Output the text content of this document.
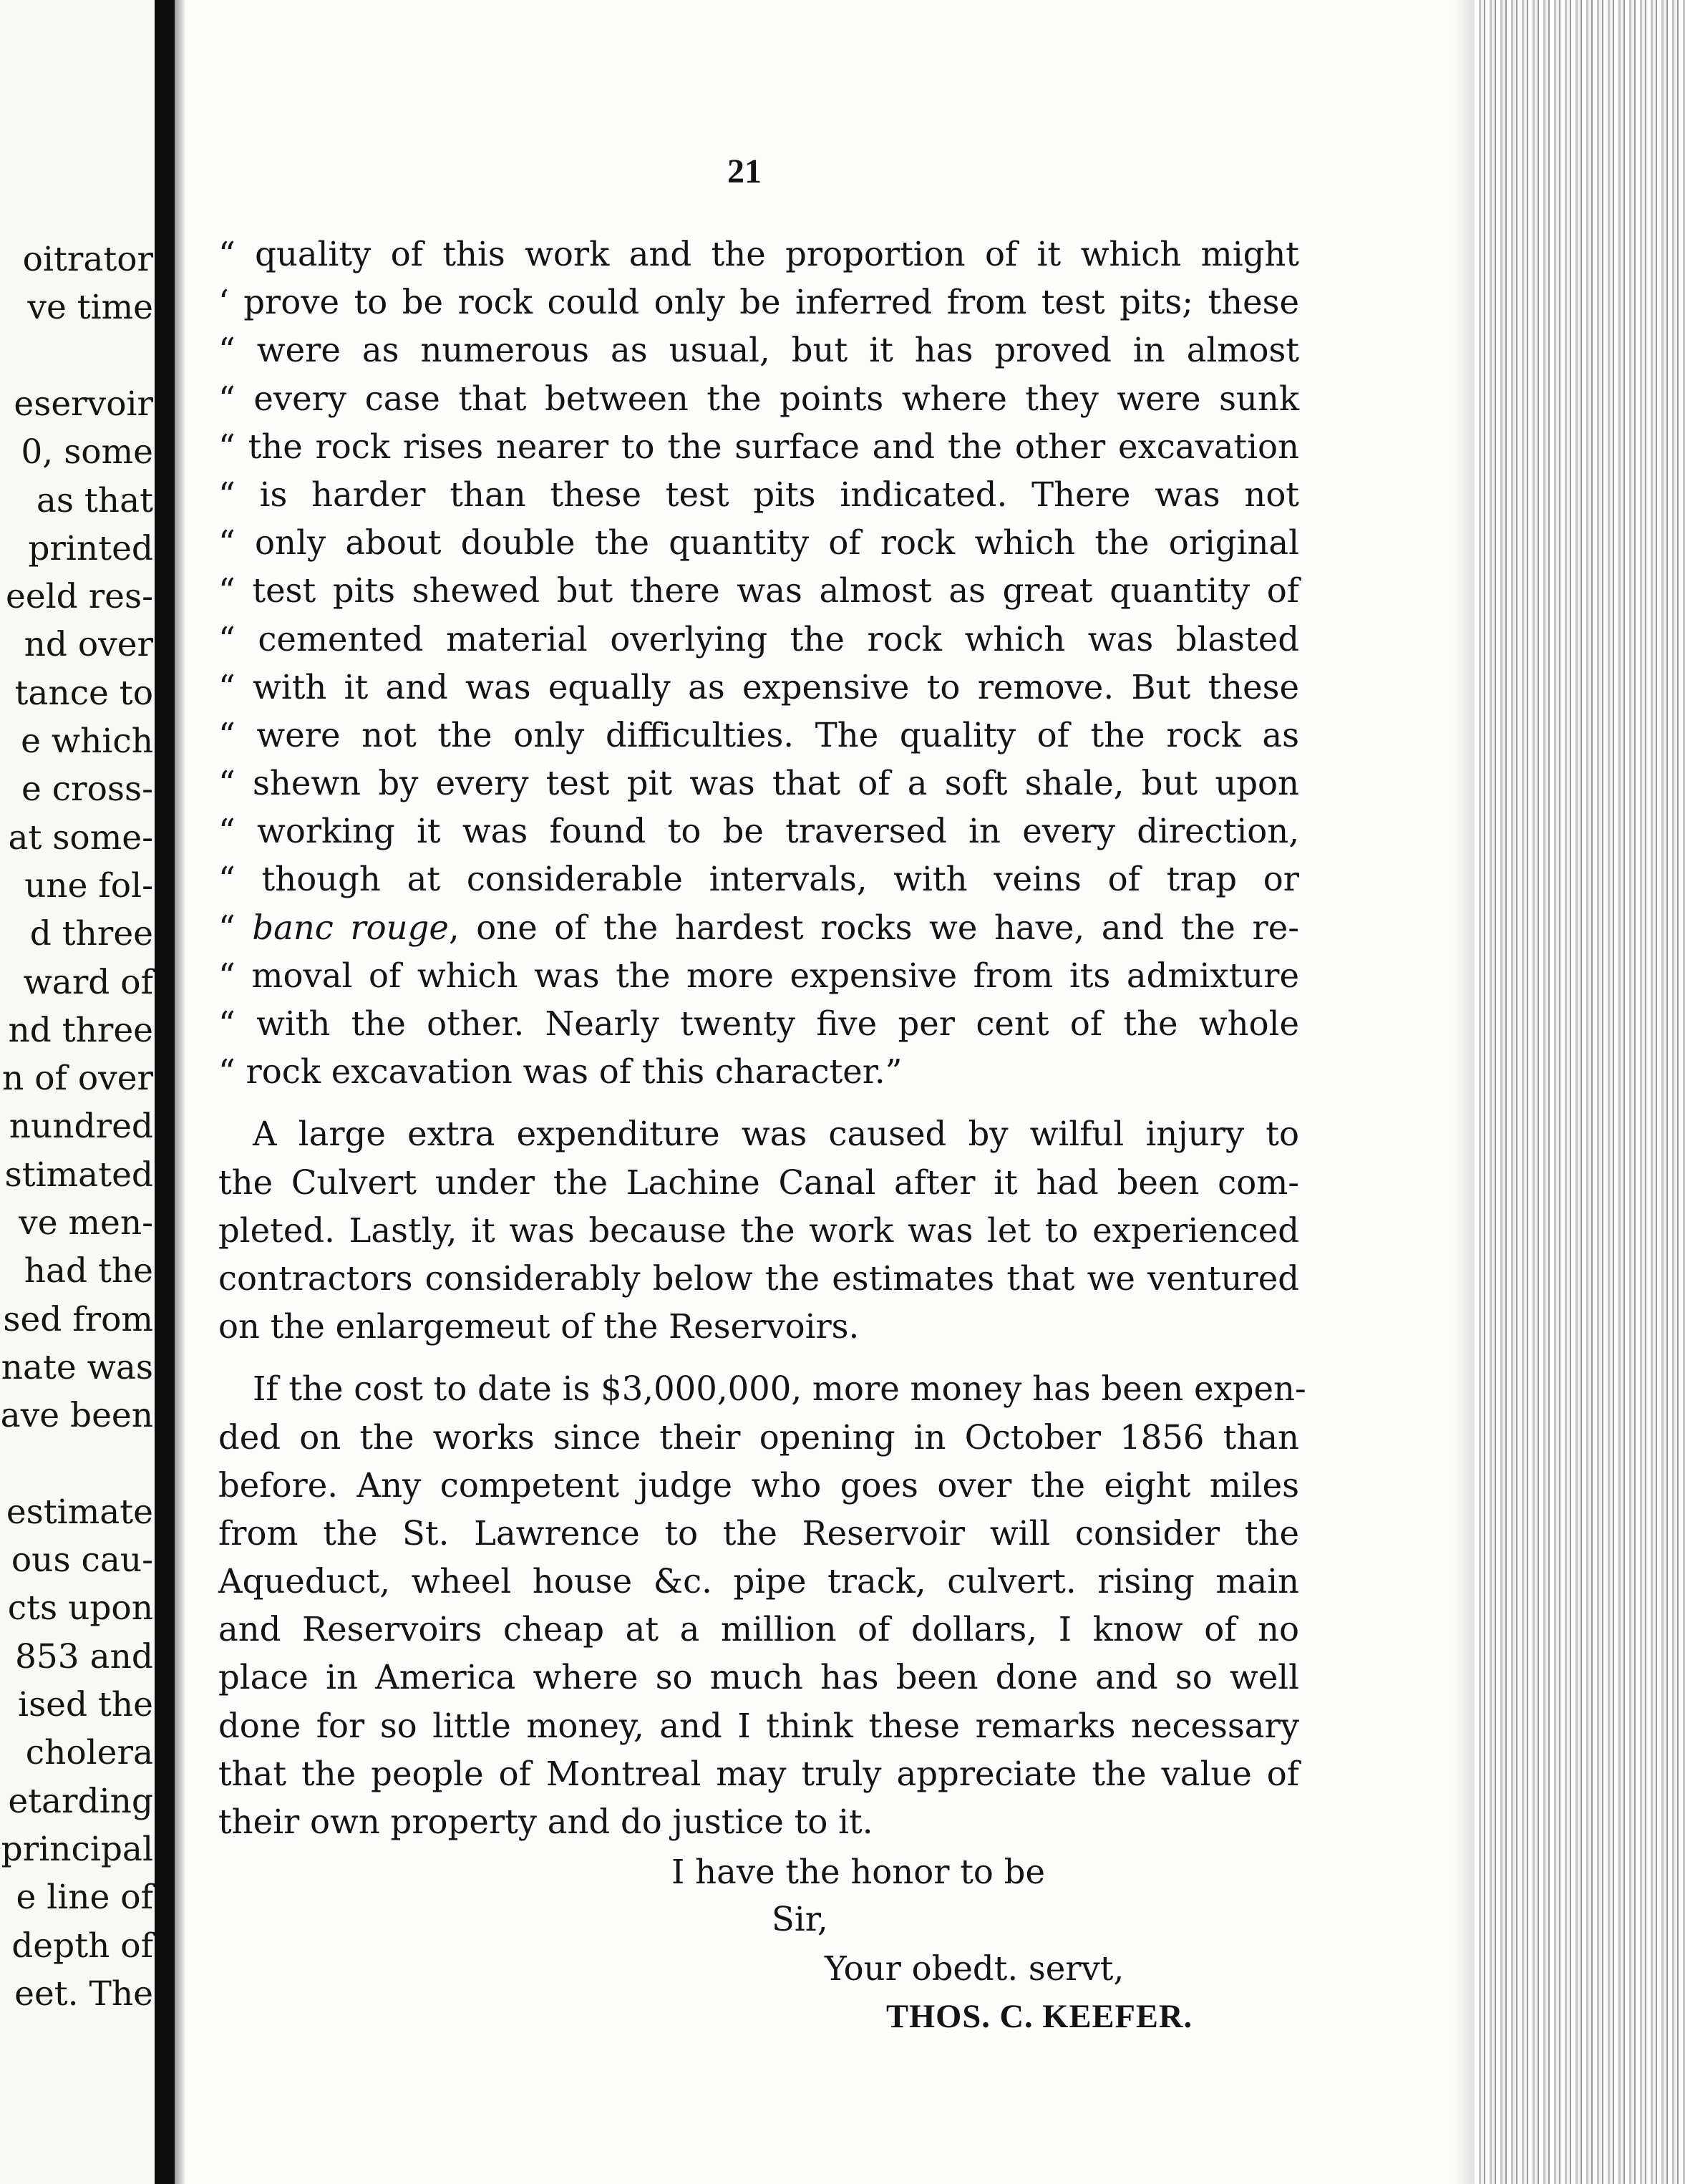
oitrator

ve time

eservoir

0, some

as that

printed

eeld res-

nd over

tance to

e which

e cross-

at some-

une fol-

d three

ward of

nd three

n of over

nundred

stimated

ve men-

had the

sed from

nate was

ave been

estimate

ous cau-

cts upon

853 and

ised the

cholera

etarding

principal

e line of

depth of

eet. The

21

“ quality of this work and the proportion of it which might
‘ prove to be rock could only be inferred from test pits; these
“ were as numerous as usual, but it has proved in almost
“ every case that between the points where they were sunk
“ the rock rises nearer to the surface and the other excavation
“ is harder than these test pits indicated. There was not
“ only about double the quantity of rock which the original
“ test pits shewed but there was almost as great quantity of
“ cemented material overlying the rock which was blasted
“ with it and was equally as expensive to remove. But these
“ were not the only difficulties. The quality of the rock as
“ shewn by every test pit was that of a soft shale, but upon
“ working it was found to be traversed in every direction,
“ though at considerable intervals, with veins of trap or
“ banc rouge, one of the hardest rocks we have, and the re-
“ moval of which was the more expensive from its admixture
“ with the other. Nearly twenty five per cent of the whole
“ rock excavation was of this character.”
A large extra expenditure was caused by wilful injury to
the Culvert under the Lachine Canal after it had been com-
pleted. Lastly, it was because the work was let to experienced
contractors considerably below the estimates that we ventured
on the enlargemeut of the Reservoirs.
If the cost to date is $3,000,000, more money has been expen-
ded on the works since their opening in October 1856 than
before. Any competent judge who goes over the eight miles
from the St. Lawrence to the Reservoir will consider the
Aqueduct, wheel house &c. pipe track, culvert. rising main
and Reservoirs cheap at a million of dollars, I know of no
place in America where so much has been done and so well
done for so little money, and I think these remarks necessary
that the people of Montreal may truly appreciate the value of
their own property and do justice to it.

I have the honor to be

Sir,

Your obedt. servt,

THOS. C. KEEFER.
